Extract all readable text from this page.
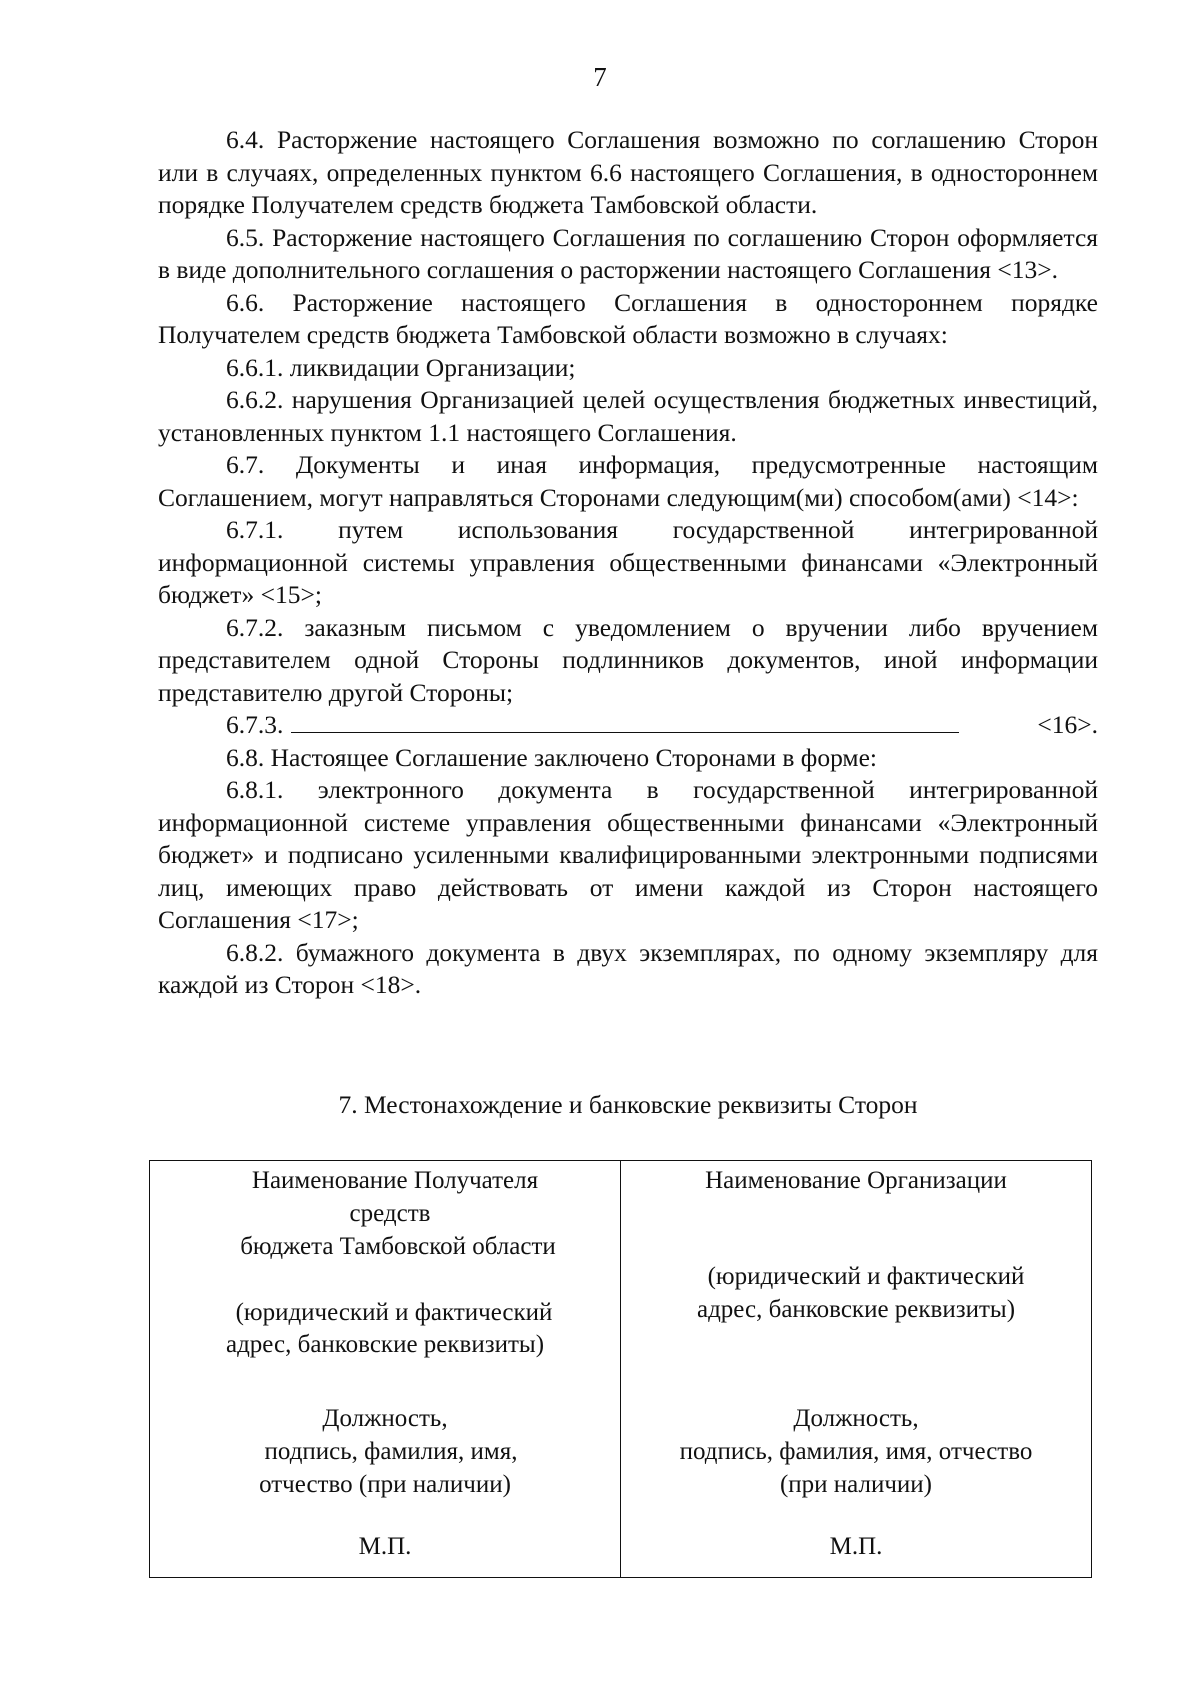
7

6.4. Расторжение настоящего Соглашения возможно по соглашению Сторон или в случаях, определенных пунктом 6.6 настоящего Соглашения, в одностороннем порядке Получателем средств бюджета Тамбовской области.

6.5. Расторжение настоящего Соглашения по соглашению Сторон оформляется в виде дополнительного соглашения о расторжении настоящего Соглашения <13>.

6.6. Расторжение настоящего Соглашения в одностороннем порядке Получателем средств бюджета Тамбовской области возможно в случаях:

6.6.1. ликвидации Организации;

6.6.2. нарушения Организацией целей осуществления бюджетных инвестиций, установленных пунктом 1.1 настоящего Соглашения.

6.7. Документы и иная информация, предусмотренные настоящим Соглашением, могут направляться Сторонами следующим(ми) способом(ами) <14>:

6.7.1. путем использования государственной интегрированной информационной системы управления общественными финансами «Электронный бюджет» <15>;

6.7.2. заказным письмом с уведомлением о вручении либо вручением представителем одной Стороны подлинников документов, иной информации представителю другой Стороны;

6.7.3.	<16>.

6.8. Настоящее Соглашение заключено Сторонами в форме:

6.8.1. электронного документа в государственной интегрированной информационной системе управления общественными финансами «Электронный бюджет» и подписано усиленными квалифицированными электронными подписями лиц, имеющих право действовать от имени каждой из Сторон настоящего Соглашения <17>;

6.8.2. бумажного документа в двух экземплярах, по одному экземпляру для каждой из Сторон <18>.

7. Местонахождение и банковские реквизиты Сторон
Наименование Получателя
средств
бюджета Тамбовской области
(юридический и фактический
адрес, банковские реквизиты)
Должность,
подпись, фамилия, имя,
отчество (при наличии)
М.П.
Наименование Организации
(юридический и фактический
адрес, банковские реквизиты)
Должность,
подпись, фамилия, имя, отчество
(при наличии)
М.П.
